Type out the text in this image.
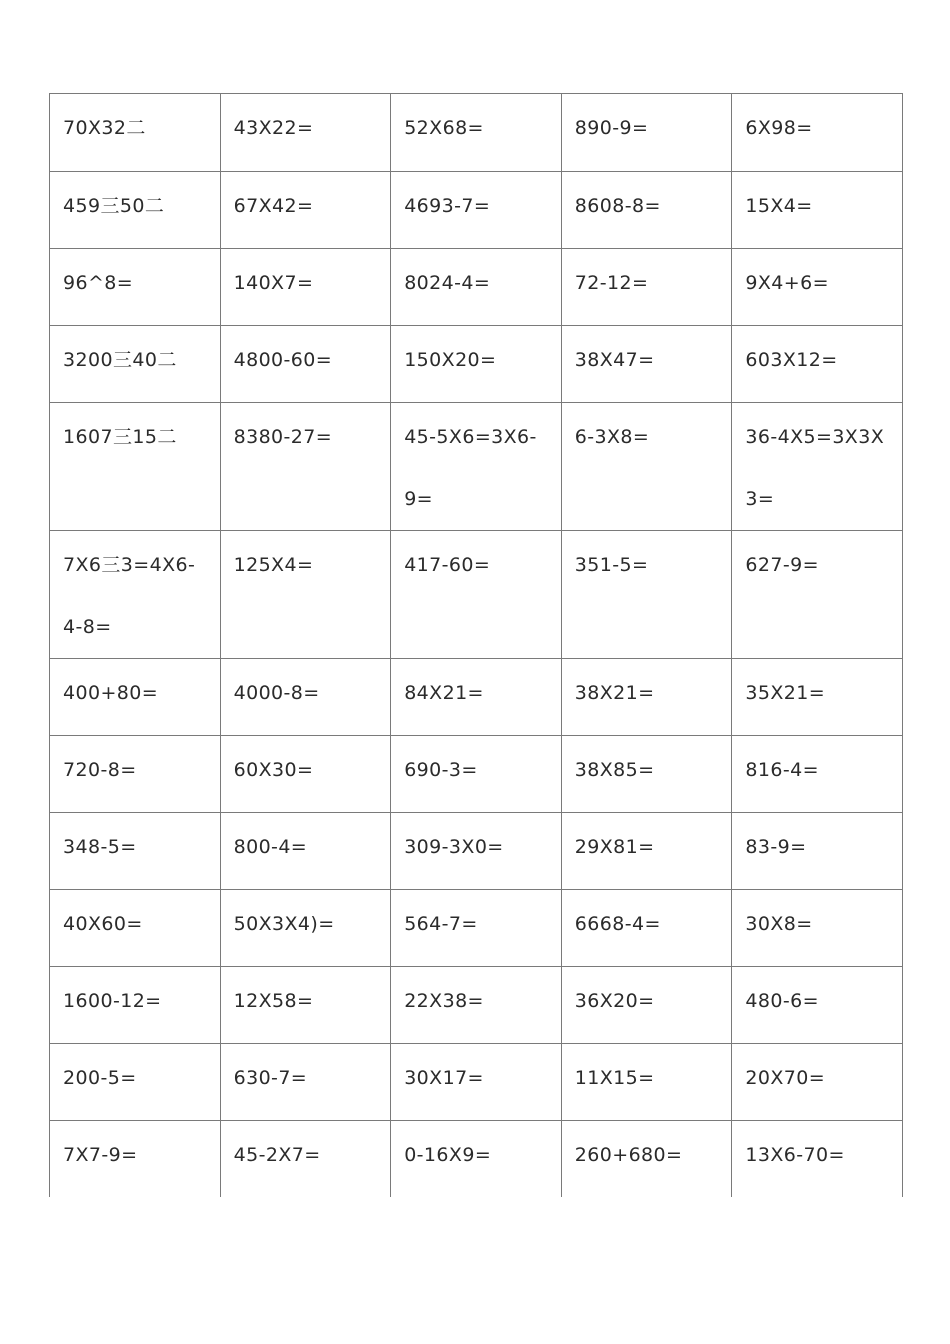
70X32二	43X22=	52X68=	890-9=	6X98=

459三50二	67X42=	4693-7=	8608-8=	15X4=

96^8=	140X7=	8024-4=	72-12=	9X4+6=

3200三40二	4800-60=	150X20=	38X47=	603X12=

1607三15二	8380-27=	45-5X6=3X6-9=	6-3X8=	36-4X5=3X3X3=

7X6三3=4X6-4-8=	125X4=	417-60=	351-5=	627-9=

400+80=	4000-8=	84X21=	38X21=	35X21=

720-8=	60X30=	690-3=	38X85=	816-4=

348-5=	800-4=	309-3X0=	29X81=	83-9=

40X60=	50X3X4)=	564-7=	6668-4=	30X8=

1600-12=	12X58=	22X38=	36X20=	480-6=

200-5=	630-7=	30X17=	11X15=	20X70=

7X7-9=	45-2X7=	0-16X9=	260+680=	13X6-70=
